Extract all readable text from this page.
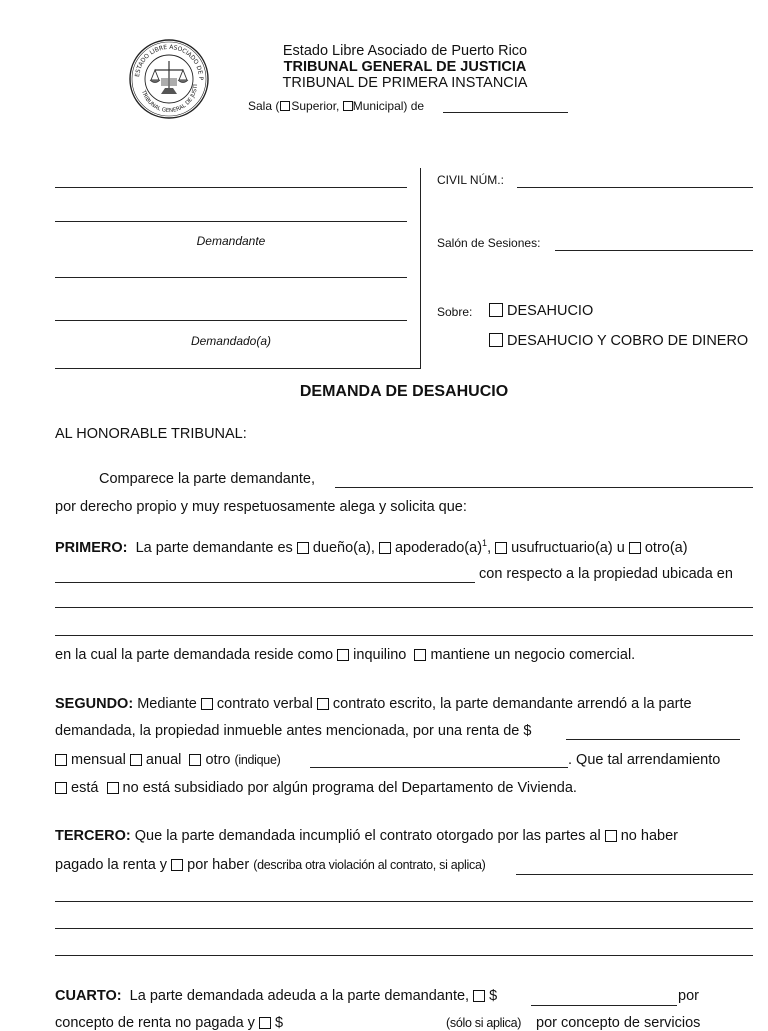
ESTADO LIBRE ASOCIADO DE P
TRIBUNAL GENERAL DE JUSTI
Estado Libre Asociado de Puerto Rico
TRIBUNAL GENERAL DE JUSTICIA
TRIBUNAL DE PRIMERA INSTANCIA
Sala ( Superior, Municipal) de
Demandante
Demandado(a)
CIVIL NÚM.:
Salón de Sesiones:
Sobre:	DESAHUCIO
DESAHUCIO Y COBRO DE DINERO
DEMANDA DE DESAHUCIO
AL HONORABLE TRIBUNAL:
Comparece la parte demandante,
por derecho propio y muy respetuosamente alega y solicita que:
PRIMERO: La parte demandante es dueño(a), $apoderado(a)^1$, usufructuario(a) u otro(a)
con respecto a la propiedad ubicada en
en la cual la parte demandada reside como inquilino mantiene un negocio comercial.
SEGUNDO: Mediante contrato verbal contrato escrito, la parte demandante arrendó a la parte
demandada, la propiedad inmueble antes mencionada, por una renta de $
mensual anual otro (indique)	. Que tal arrendamiento
está no está subsidiado por algún programa del Departamento de Vivienda.
TERCERO: Que la parte demandada incumplió el contrato otorgado por las partes al no haber
pagado la renta y por haber (describa otra violación al contrato, si aplica)
CUARTO: La parte demandada adeuda a la parte demandante, $	por
concepto de renta no pagada y $	(sólo si aplica) por concepto de servicios
